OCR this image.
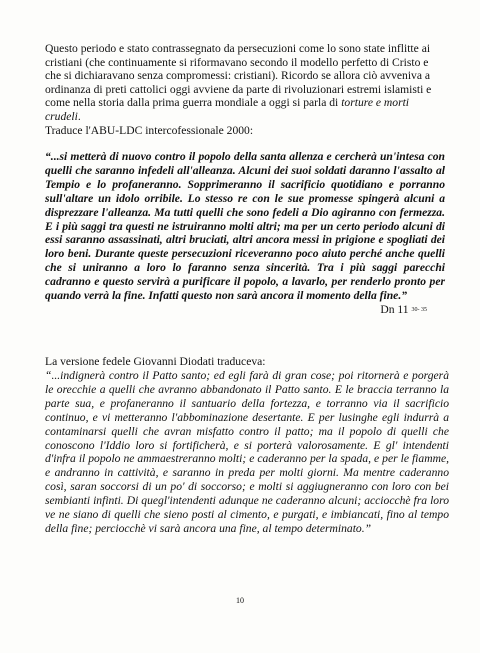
Questo periodo e stato contrassegnato da persecuzioni come lo sono state inflitte ai cristiani (che continuamente si riformavano secondo il modello perfetto di Cristo e che si dichiaravano senza compromessi: cristiani). Ricordo se allora ciò avveniva a ordinanza di preti cattolici oggi avviene da parte di rivoluzionari estremi islamisti e come nella storia dalla prima guerra mondiale a oggi si parla di torture e morti crudeli.

Traduce l'ABU-LDC intercofessionale 2000:

“...si metterà di nuovo contro il popolo della santa allenza e cercherà un'intesa con quelli che saranno infedeli all'alleanza. Alcuni dei suoi soldati daranno l'assalto al Tempio e lo profaneranno. Sopprimeranno il sacrificio quotidiano e porranno sull'altare un idolo orribile. Lo stesso re con le sue promesse spingerà alcuni a disprezzare l'alleanza. Ma tutti quelli che sono fedeli a Dio agiranno con fermezza. E i più saggi tra questi ne istruiranno molti altri; ma per un certo periodo alcuni di essi saranno assassinati, altri bruciati, altri ancora messi in prigione e spogliati dei loro beni. Durante queste persecuzioni riceveranno poco aiuto perché anche quelli che si uniranno a loro lo faranno senza sincerità. Tra i più saggi parecchi cadranno e questo servirà a purificare il popolo, a lavarlo, per renderlo pronto per quando verrà la fine. Infatti questo non sarà ancora il momento della fine.”
Dn 11 $^{30- 35}$
La versione fedele Giovanni Diodati traduceva:
“...indignerà contro il Patto santo; ed egli farà di gran cose; poi ritornerà e porgerà le orecchie a quelli che avranno abbandonato il Patto santo. E le braccia terranno la parte sua, e profaneranno il santuario della fortezza, e torranno via il sacrificio continuo, e vi metteranno l'abbominazione desertante. E per lusinghe egli indurrà a contaminarsi quelli che avran misfatto contro il patto; ma il popolo di quelli che conoscono l'Iddio loro si fortificherà, e si porterà valorosamente. E gl' intendenti d'infra il popolo ne ammaestreranno molti; e caderanno per la spada, e per le fiamme, e andranno in cattività, e saranno in preda per molti giorni. Ma mentre caderanno così, saran soccorsi di un po' di soccorso; e molti si aggiugneranno con loro con bei sembianti infinti. Di quegl'intendenti adunque ne caderanno alcuni; acciocchè fra loro ve ne siano di quelli che sieno posti al cimento, e purgati, e imbiancati, fino al tempo della fine; perciocchè vi sarà ancora una fine, al tempo determinato.”
10
